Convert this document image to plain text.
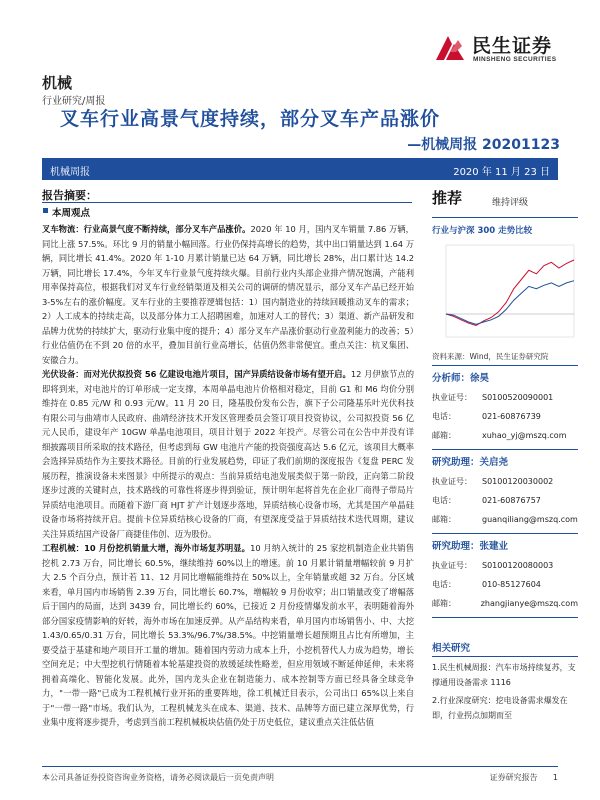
民生证券
MINSHENG SECURITIES
机械
行业研究/周报
叉车行业高景气度持续，部分叉车产品涨价
—机械周报 20201123
机械周报	2020 年 11 月 23 日
报告摘要：
本周观点

叉车物流：行业高景气度不断持续，部分叉车产品涨价。2020 年 10 月，国内叉车销量 7.86 万辆，同比上涨 57.5%。环比 9 月的销量小幅回落。行业仍保持高增长的趋势，其中出口销量达到 1.64 万辆，同比增长 41.4%。2020 年 1-10 月累计销量已达 64 万辆，同比增长 28%，出口累计达 14.2 万辆，同比增长 17.4%，今年叉车行业景气度持续火爆。目前行业内头部企业排产情况饱满，产能利用率保持高位，根据我们对叉车行业经销渠道及相关公司的调研的情况显示，部分叉车产品已经开始 3-5%左右的涨价幅度。叉车行业的主要推荐逻辑包括：1）国内制造业的持续回暖推动叉车的需求；2）人工成本的持续走高，以及部分体力工人招聘困难，加速对人工的替代；3）渠道、新产品研发和品牌力优势的持续扩大，驱动行业集中度的提升；4）部分叉车产品涨价驱动行业盈利能力的改善；5）行业估值仍在不到 20 倍的水平，叠加目前行业高增长，估值仍然非常便宜。重点关注：杭叉集团、安徽合力。

光伏设备：而对光伏拟投资 56 亿建设电池片项目，国产异质结设备市场有望开启。12 月伊旅节点的即将到来，对电池片的订单形成一定支撑，本周单晶电池片价格相对稳定，目前 G1 和 M6 均价分别维持在 0.85 元/W 和 0.93 元/W。11 月 20 日，隆基股份发布公告，旗下子公司隆基乐叶光伏科技有限公司与曲靖市人民政府、曲靖经济技术开发区管理委员会签订项目投资协议，公司拟投资 56 亿元人民币，建设年产 10GW 单晶电池项目，项目计划于 2022 年投产。尽管公司在公告中并没有详细披露项目所采取的技术路径，但考虑到每 GW 电池片产能的投资强度高达 5.6 亿元，该项目大概率会选择异质结作为主要技术路径。目前的行业发展趋势，印证了我们前期的深度报告《复盘 PERC 发展历程，推演设备未来图景》中所提示的观点：当前异质结电池发展类似于第一阶段，正向第二阶段逐步过渡的关键时点，技术路线的可靠性将逐步得到验证，预计明年起将首先在企业厂商得子带局片异质结电池项目。而随着下游厂商 HJT 扩产计划逐步落地，异质结核心设备市场，尤其是国产单晶硅设备市场将持续开启。提前卡位异质结核心设备的厂商，有望深度受益于异质结技术迭代周期，建议关注异质结国产设备厂商捷佳伟创、迈为股份。

工程机械：10 月份挖机销量大增，海外市场复苏明显。10 月纳入统计的 25 家挖机制造企业共销售挖机 2.73 万台，同比增长 60.5%，继续维持 60%以上的增速。前 10 月累计销量增幅较前 9 月扩大 2.5 个百分点，预计若 11、12 月同比增幅能维持在 50%以上，全年销量或超 32 万台。分区域来看，单月国内市场销售 2.39 万台，同比增长 60.7%，增幅较 9 月份收窄；出口销量改变了增幅落后于国内的局面，达到 3439 台，同比增长约 60%，已接近 2 月份疫情爆发前水平，表明随着海外部分国家疫情影响的好转，海外市场在加速反弹。从产品结构来看，单月国内市场销售小、中、大挖 1.43/0.65/0.31 万台，同比增长 53.3%/96.7%/38.5%。中挖销量增长超预期且占比有所增加，主要受益于基建和地产项目开工量的增加。随着国内劳动力成本上升，小挖机替代人力成为趋势，增长空间充足；中大型挖机行情随着本轮基建投资的放缓延续性略差，但应用领域不断延伸延伸，未来将拥着高端化、智能化发展。此外，国内龙头企业在制造能力、成本控制等方面已经具备全球竞争力，"一带一路"已成为工程机械行业开拓的重要阵地，徐工机械迁目表示，公司出口 65%以上来自于"一带一路"市场。我们认为，工程机械龙头在成本、渠道、技术、品牌等方面已建立深厚优势，行业集中度将逐步提升，考虑到当前工程机械板块估值仍处于历史低位，建议重点关注低估值

推荐	维持评级
行业与沪深 300 走势比较
资料来源：Wind，民生证券研究院
分析师：徐昊
执业证号：	S0100520090001
电话：	021-60876739
邮箱：	xuhao_yj@mszq.com
研究助理：关启尧
执业证号：	S0100120030002
电话：	021-60876757
邮箱：	guanqiliang@mszq.com
研究助理：张建业
执业证号：	S0100120080003
电话：	010-85127604
邮箱：	zhangjianye@mszq.com
相关研究
1.民生机械周报：汽车市场持续复苏，支撑通用设备需求 1116
2.行业深度研究：挖电设备需求爆发在即，行业拐点加期而至
本公司具备证券投资咨询业务资格，请务必阅读最后一页免责声明	证券研究报告 1
